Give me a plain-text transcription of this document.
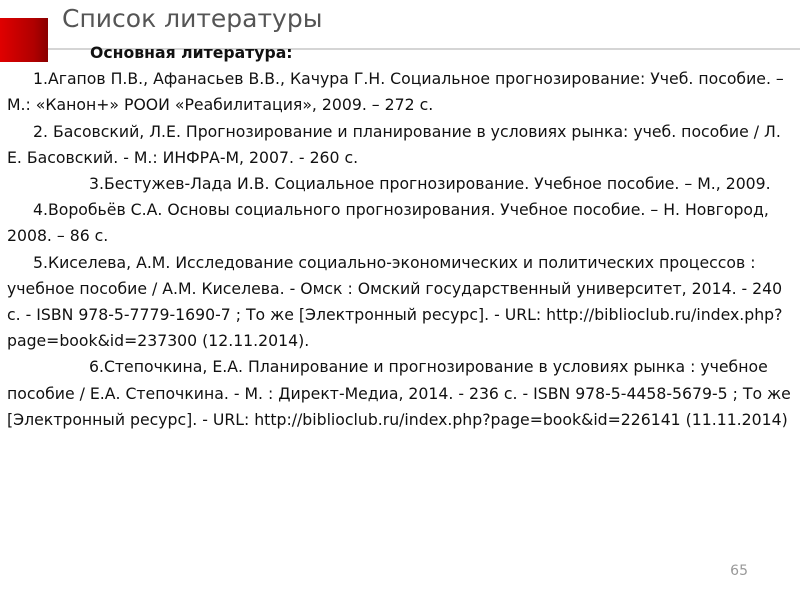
Список литературы

Основная литература:

1.Агапов П.В., Афанасьев В.В., Качура Г.Н. Социальное прогнозирование: Учеб. пособие. – М.: «Канон+» РООИ «Реабилитация», 2009. – 272 с.

2. Басовский, Л.Е. Прогнозирование и планирование в условиях рынка: учеб. пособие / Л. Е. Басовский. - М.: ИНФРА-М, 2007. - 260 с.

3.Бестужев-Лада И.В. Социальное прогнозирование. Учебное пособие. – М., 2009.

4.Воробьёв С.А. Основы социального прогнозирования. Учебное пособие. – Н. Новгород, 2008. – 86 с.

5.Киселева, А.М. Исследование социально-экономических и политических процессов : учебное пособие / А.М. Киселева. - Омск : Омский государственный университет, 2014. - 240 с. - ISBN 978-5-7779-1690-7 ; То же [Электронный ресурс]. - URL: http://biblioclub.ru/index.php?page=book&id=237300 (12.11.2014).

6.Степочкина, Е.А. Планирование и прогнозирование в условиях рынка : учебное пособие / Е.А. Степочкина. - М. : Директ-Медиа, 2014. - 236 с. - ISBN 978-5-4458-5679-5 ; То же [Электронный ресурс]. - URL: http://biblioclub.ru/index.php?page=book&id=226141 (11.11.2014)

65
